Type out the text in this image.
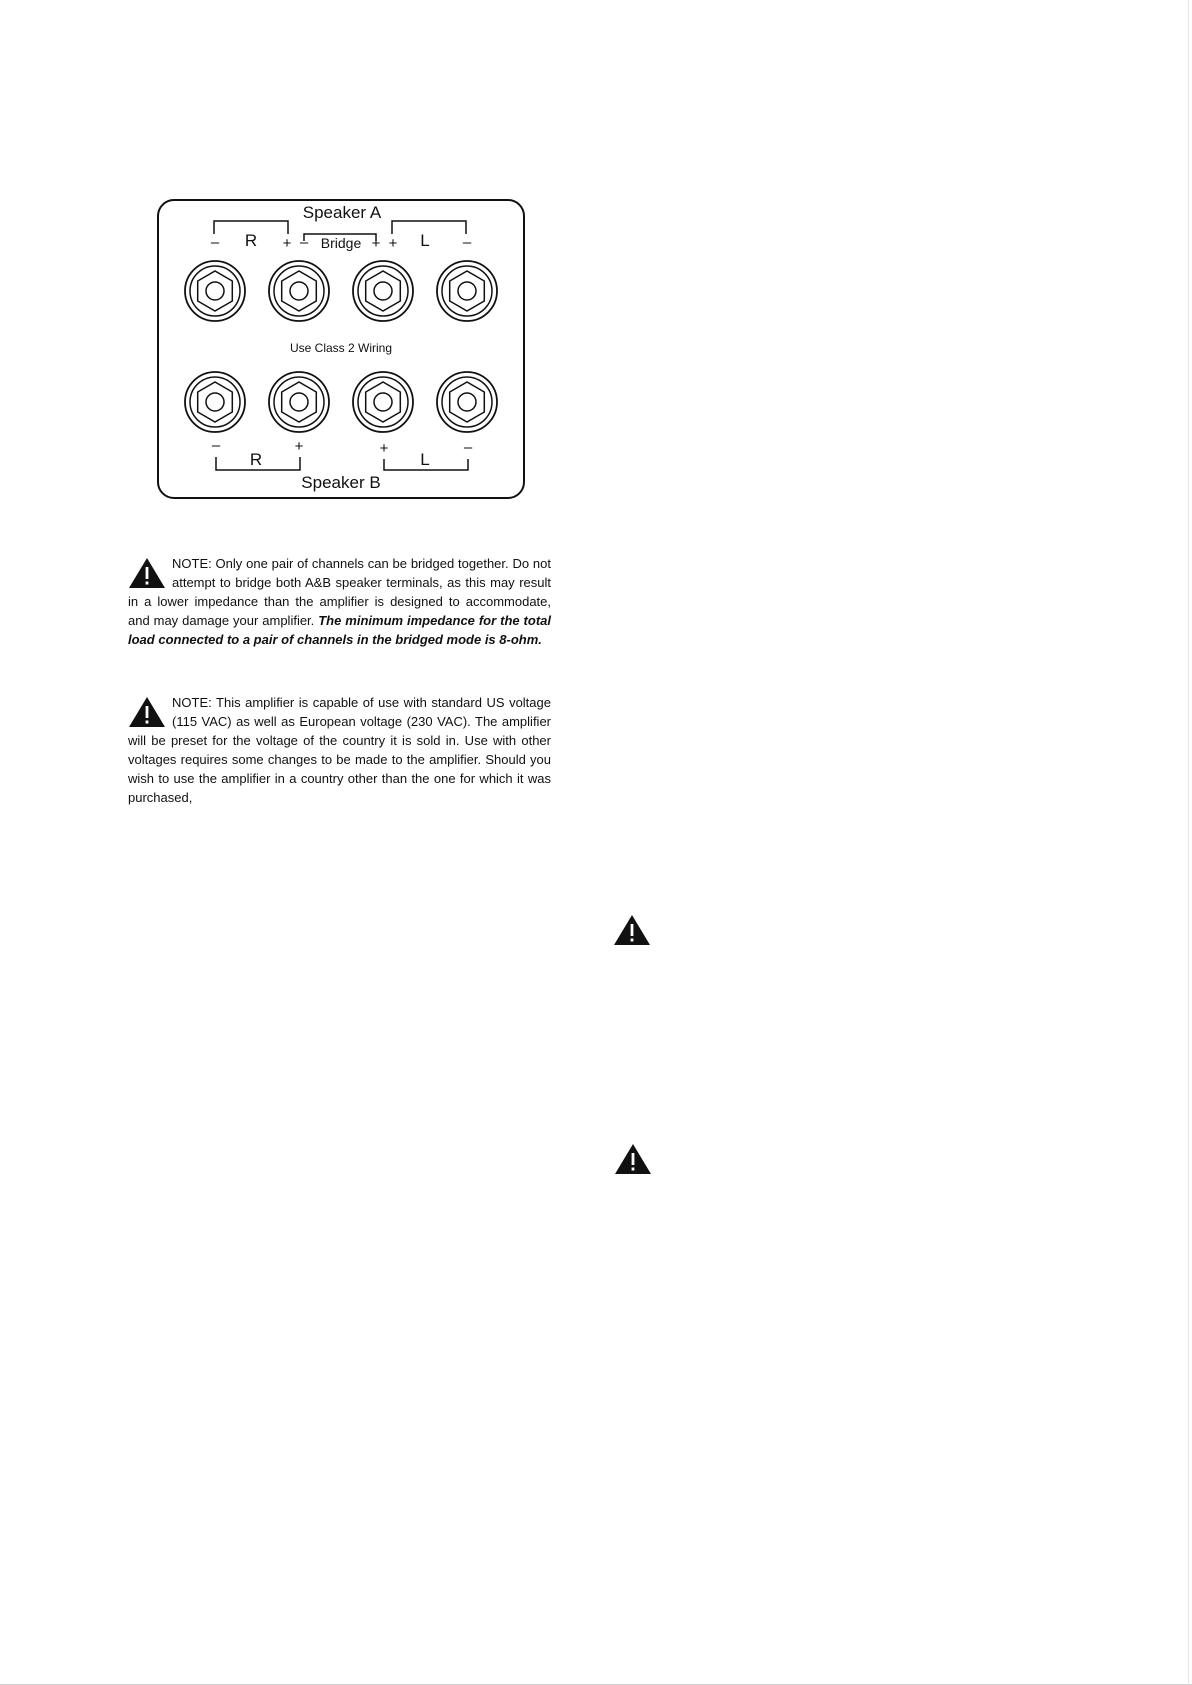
Speaker A
– R + – Bridge + + L –
Use Class 2 Wiring
–	+	+	–
R	L
Speaker B
NOTE: Only one pair of channels can be bridged together. Do not attempt to bridge both A&B speaker terminals, as this may result in a lower impedance than the amplifier is designed to accommodate, and may damage your amplifier. The minimum impedance for the total load connected to a pair of channels in the bridged mode is 8-ohm.
NOTE: This amplifier is capable of use with standard US voltage (115 VAC) as well as European voltage (230 VAC). The amplifier will be preset for the voltage of the country it is sold in. Use with other voltages requires some changes to be made to the amplifier. Should you wish to use the amplifier in a country other than the one for which it was purchased,
